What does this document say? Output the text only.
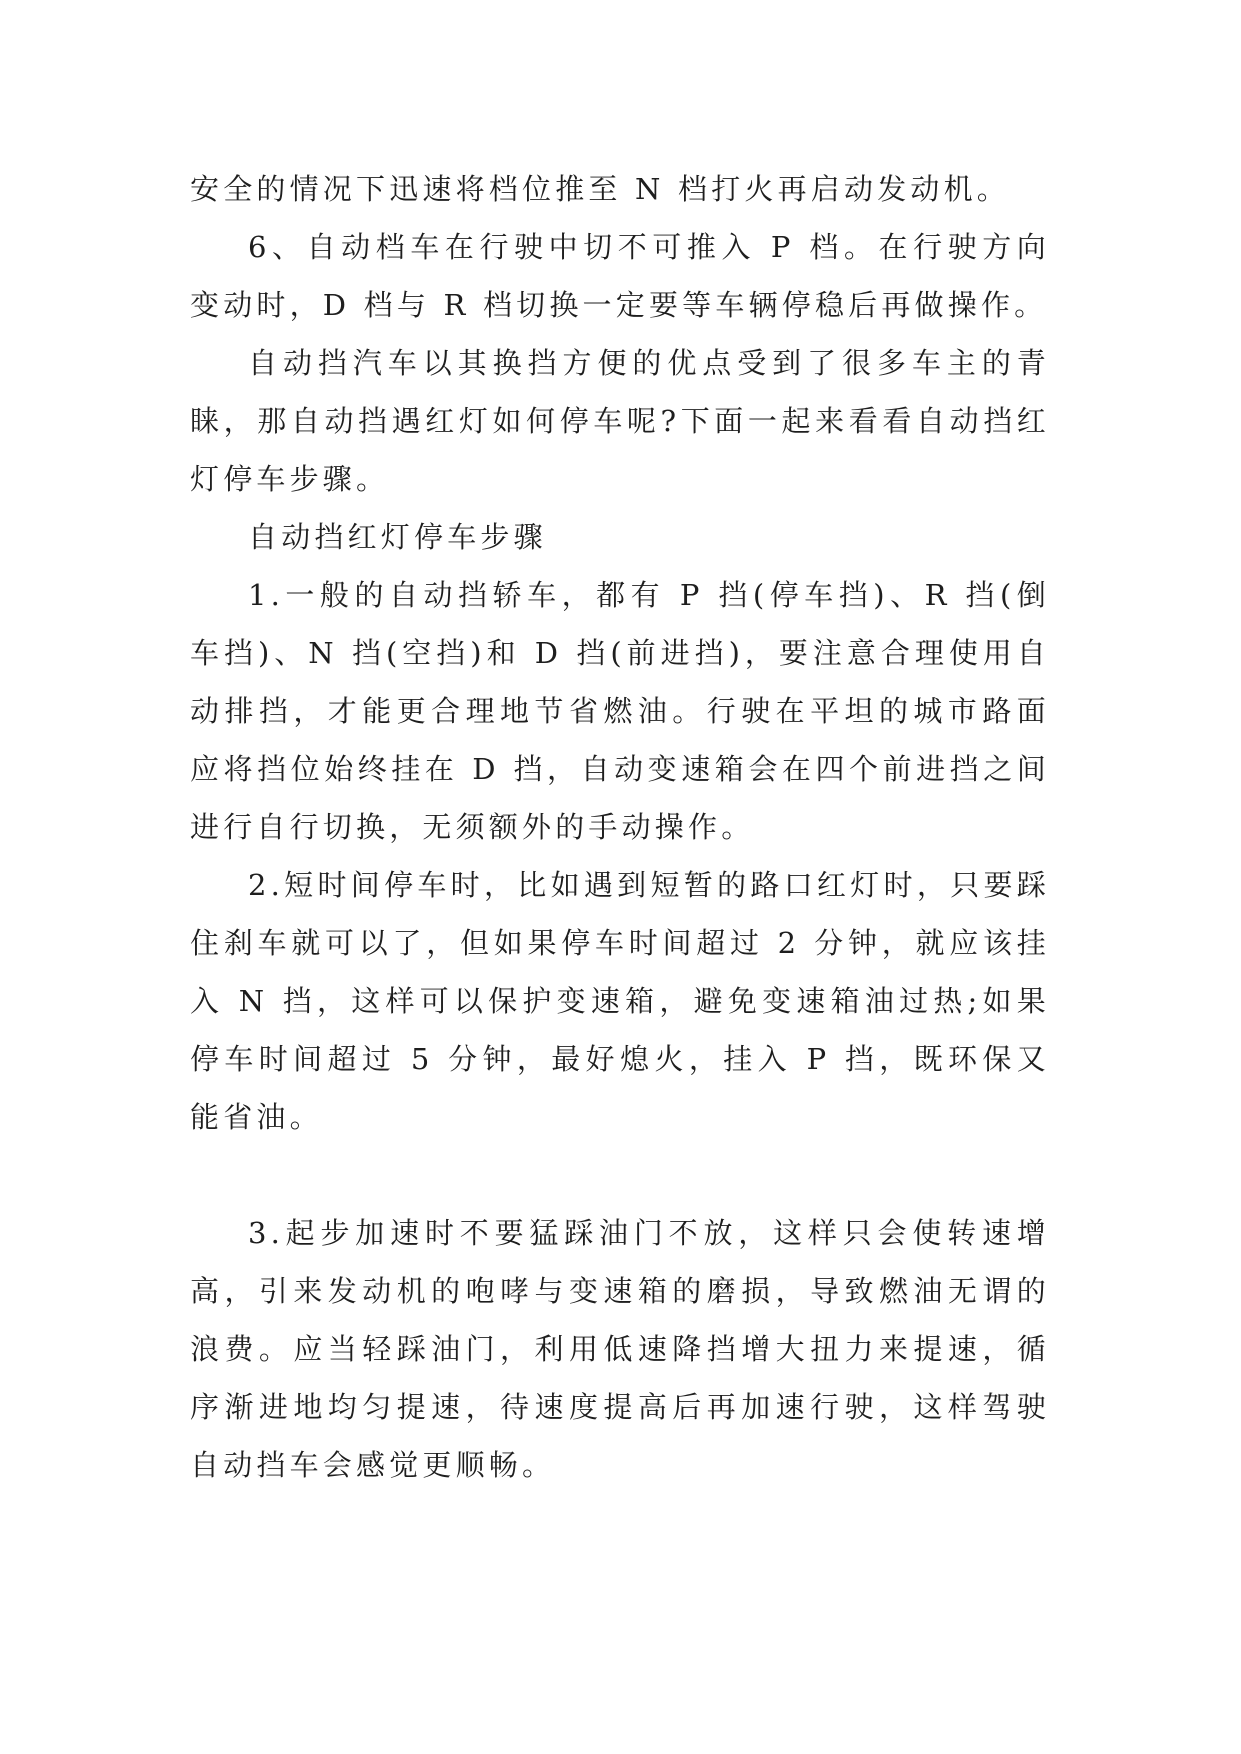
安全的情况下迅速将档位推至 N 档打火再启动发动机。

6、自动档车在行驶中切不可推入 P 档。在行驶方向变动时，D 档与 R 档切换一定要等车辆停稳后再做操作。

自动挡汽车以其换挡方便的优点受到了很多车主的青睐，那自动挡遇红灯如何停车呢?下面一起来看看自动挡红灯停车步骤。

自动挡红灯停车步骤

1.一般的自动挡轿车，都有 P 挡(停车挡)、R 挡(倒车挡)、N 挡(空挡)和 D 挡(前进挡)，要注意合理使用自动排挡，才能更合理地节省燃油。行驶在平坦的城市路面应将挡位始终挂在 D 挡，自动变速箱会在四个前进挡之间进行自行切换，无须额外的手动操作。

2.短时间停车时，比如遇到短暂的路口红灯时，只要踩住刹车就可以了，但如果停车时间超过 2 分钟，就应该挂入 N 挡，这样可以保护变速箱，避免变速箱油过热;如果停车时间超过 5 分钟，最好熄火，挂入 P 挡，既环保又能省油。

3.起步加速时不要猛踩油门不放，这样只会使转速增高，引来发动机的咆哮与变速箱的磨损，导致燃油无谓的浪费。应当轻踩油门，利用低速降挡增大扭力来提速，循序渐进地均匀提速，待速度提高后再加速行驶，这样驾驶自动挡车会感觉更顺畅。
